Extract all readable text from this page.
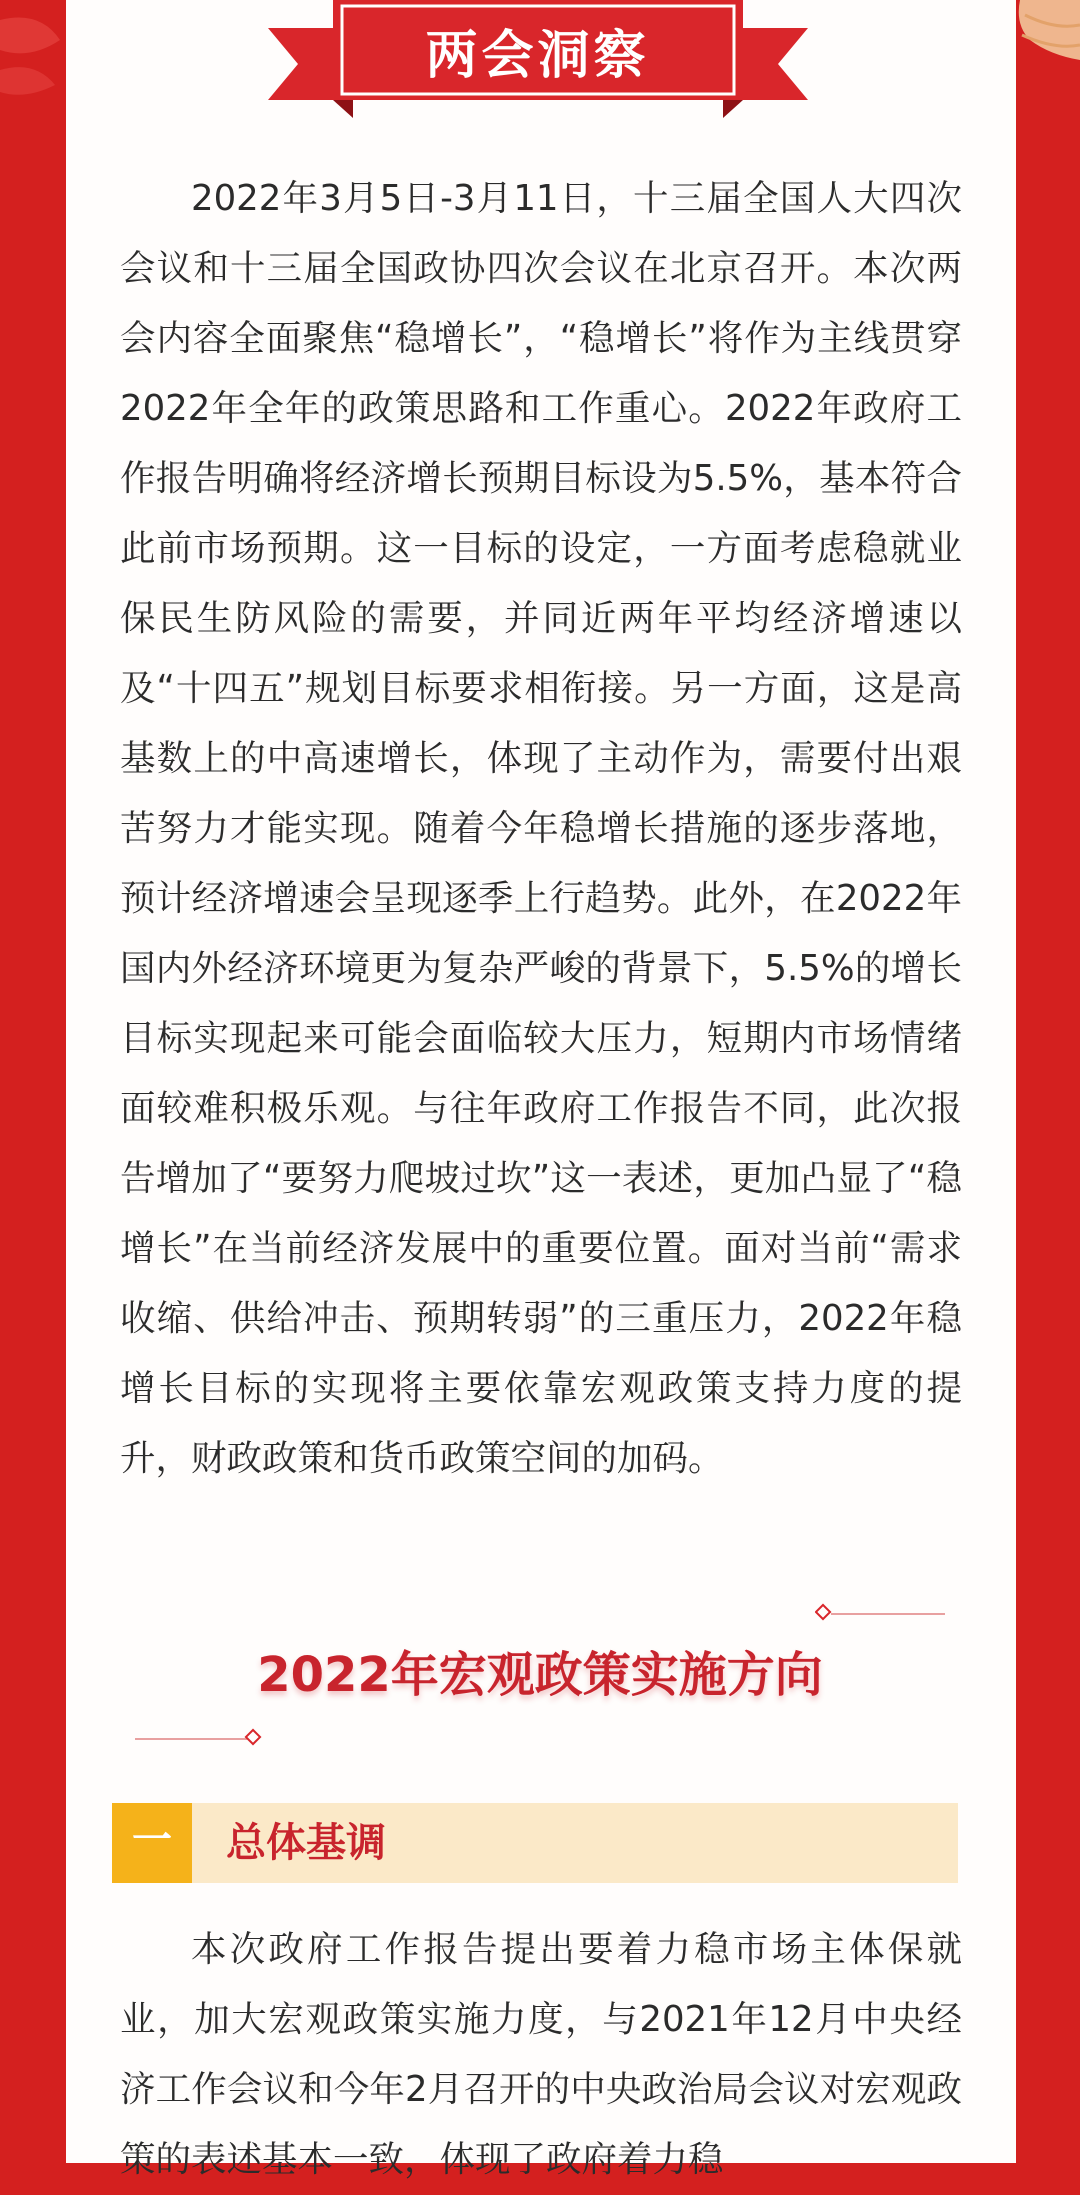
两会洞察

2022年3月5日-3月11日，十三届全国人大四次会议和十三届全国政协四次会议在北京召开。本次两会内容全面聚焦“稳增长”，“稳增长”将作为主线贯穿2022年全年的政策思路和工作重心。2022年政府工作报告明确将经济增长预期目标设为5.5%，基本符合此前市场预期。这一目标的设定，一方面考虑稳就业保民生防风险的需要，并同近两年平均经济增速以及“十四五”规划目标要求相衔接。另一方面，这是高基数上的中高速增长，体现了主动作为，需要付出艰苦努力才能实现。随着今年稳增长措施的逐步落地，预计经济增速会呈现逐季上行趋势。此外，在2022年国内外经济环境更为复杂严峻的背景下，5.5%的增长目标实现起来可能会面临较大压力，短期内市场情绪面较难积极乐观。与往年政府工作报告不同，此次报告增加了“要努力爬坡过坎”这一表述，更加凸显了“稳增长”在当前经济发展中的重要位置。面对当前“需求收缩、供给冲击、预期转弱”的三重压力，2022年稳增长目标的实现将主要依靠宏观政策支持力度的提升，财政政策和货币政策空间的加码。

2022年宏观政策实施方向
一	总体基调

本次政府工作报告提出要着力稳市场主体保就业，加大宏观政策实施力度，与2021年12月中央经济工作会议和今年2月召开的中央政治局会议对宏观政策的表述基本一致，体现了政府着力稳
